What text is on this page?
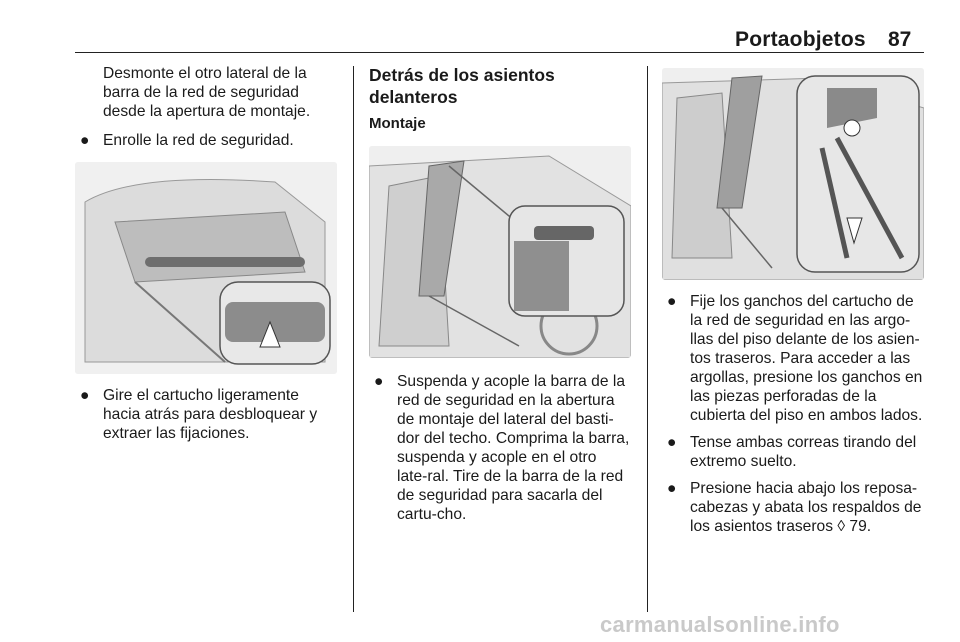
Portaobjetos 87

Desmonte el otro lateral de la barra de la red de seguridad desde la apertura de montaje.

● Enrolle la red de seguridad.
● Gire el cartucho ligeramente hacia atrás para desbloquear y extraer las fijaciones.
Detrás de los asientos delanteros
Montaje
● Suspenda y acople la barra de la red de seguridad en la abertura de montaje del lateral del basti-dor del techo. Comprima la barra, suspenda y acople en el otro late-ral. Tire de la barra de la red de seguridad para sacarla del cartu-cho.
● Fije los ganchos del cartucho de la red de seguridad en las argo-llas del piso delante de los asien-tos traseros. Para acceder a las argollas, presione los ganchos en las piezas perforadas de la cubierta del piso en ambos lados.
● Tense ambas correas tirando del extremo suelto.
● Presione hacia abajo los reposa-cabezas y abata los respaldos de los asientos traseros ◊ 79.
carmanualsonline.info
